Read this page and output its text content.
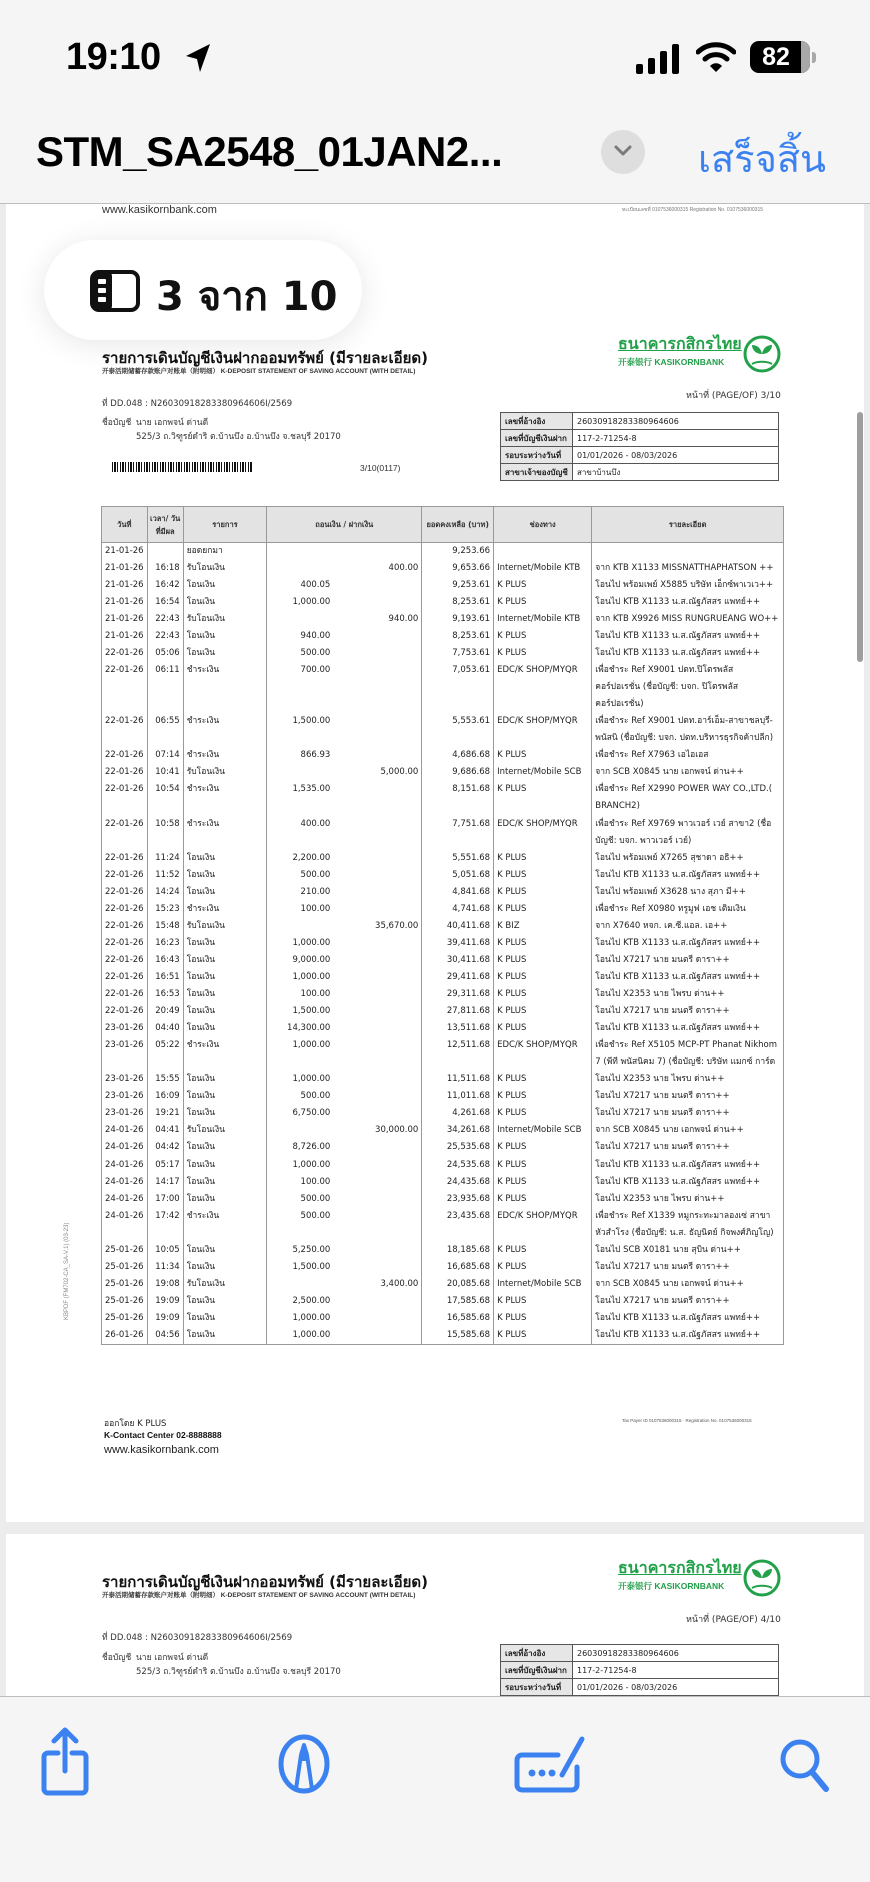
19:10	82
STM_SA2548_01JAN2...	เสร็จสิ้น
www.kasikornbank.com	ทะเบียนเลขที่ 0107536000315 Registration No. 0107536000315
รายการเดินบัญชีเงินฝากออมทรัพย์ (มีรายละเอียด)
开泰活期储蓄存款账户对账单（附明细） K-DEPOSIT STATEMENT OF SAVING ACCOUNT (WITH DETAIL)
ธนาคารกสิกรไทย
开泰银行 KASIKORNBANK
หน้าที่ (PAGE/OF) 3/10
ที่ DD.048 : N2603091828338096460​6I/2569
ชื่อบัญชี นาย เอกพจน์ ด่านดี
525/3 ถ.วิฑูรย์ดำริ ต.บ้านบึง อ.บ้านบึง จ.ชลบุรี 20170
เลขที่อ้างอิง	26030918283380964606
เลขที่บัญชีเงินฝาก	117-2-71254-8
รอบระหว่างวันที่	01/01/2026 - 08/03/2026
สาขาเจ้าของบัญชี	สาขาบ้านบึง
3/10(0117)
วันที่	เวลา/ วันที่มีผล	รายการ	ถอนเงิน / ฝากเงิน	ยอดคงเหลือ (บาท)	ช่องทาง	รายละเอียด
21-01-26		ยอดยกมา		9,253.66		
21-01-26	16:18	รับโอนเงิน	400.00	9,653.66	Internet/Mobile KTB	จาก KTB X1133 MISSNATTHAPHATSON ++
21-01-26	16:42	โอนเงิน	400.05	9,253.61	K PLUS	โอนไป พร้อมเพย์ X5885 บริษัท เอ็กซ์พาเวเว++
21-01-26	16:54	โอนเงิน	1,000.00	8,253.61	K PLUS	โอนไป KTB X1133 น.ส.ณัฐภัสสร แพทย์++
21-01-26	22:43	รับโอนเงิน	940.00	9,193.61	Internet/Mobile KTB	จาก KTB X9926 MISS RUNGRUEANG WO++
21-01-26	22:43	โอนเงิน	940.00	8,253.61	K PLUS	โอนไป KTB X1133 น.ส.ณัฐภัสสร แพทย์++
22-01-26	05:06	โอนเงิน	500.00	7,753.61	K PLUS	โอนไป KTB X1133 น.ส.ณัฐภัสสร แพทย์++
22-01-26	06:11	ชำระเงิน	700.00	7,053.61	EDC/K SHOP/MYQR	เพื่อชำระ Ref X9001 ปตท.ปิโตรพลัส คอร์ปอเรชั่น (ชื่อบัญชี: บจก. ปิโตรพลัส คอร์ปอเรชั่น)
22-01-26	06:55	ชำระเงิน	1,500.00	5,553.61	EDC/K SHOP/MYQR	เพื่อชำระ Ref X9001 ปตท.อาร์เอ็ม-สาขาชลบุรี-พนัสนิ (ชื่อบัญชี: บจก. ปตท.บริหารธุรกิจค้าปลีก)
22-01-26	07:14	ชำระเงิน	866.93	4,686.68	K PLUS	เพื่อชำระ Ref X7963 เอไอเอส
22-01-26	10:41	รับโอนเงิน	5,000.00	9,686.68	Internet/Mobile SCB	จาก SCB X0845 นาย เอกพจน์ ด่าน++
22-01-26	10:54	ชำระเงิน	1,535.00	8,151.68	K PLUS	เพื่อชำระ Ref X2990 POWER WAY CO.,LTD.( BRANCH2)
22-01-26	10:58	ชำระเงิน	400.00	7,751.68	EDC/K SHOP/MYQR	เพื่อชำระ Ref X9769 พาวเวอร์ เวย์ สาขา2 (ชื่อบัญชี: บจก. พาวเวอร์ เวย์)
22-01-26	11:24	โอนเงิน	2,200.00	5,551.68	K PLUS	โอนไป พร้อมเพย์ X7265 สุชาดา อธิ++
22-01-26	11:52	โอนเงิน	500.00	5,051.68	K PLUS	โอนไป KTB X1133 น.ส.ณัฐภัสสร แพทย์++
22-01-26	14:24	โอนเงิน	210.00	4,841.68	K PLUS	โอนไป พร้อมเพย์ X3628 นาง สุภา มี++
22-01-26	15:23	ชำระเงิน	100.00	4,741.68	K PLUS	เพื่อชำระ Ref X0980 ทรูมูฟ เอช เติมเงิน
22-01-26	15:48	รับโอนเงิน	35,670.00	40,411.68	K BIZ	จาก X7640 หจก. เค.ซี.แอล. เอ++
22-01-26	16:23	โอนเงิน	1,000.00	39,411.68	K PLUS	โอนไป KTB X1133 น.ส.ณัฐภัสสร แพทย์++
22-01-26	16:43	โอนเงิน	9,000.00	30,411.68	K PLUS	โอนไป X7217 นาย มนตรี ดารา++
22-01-26	16:51	โอนเงิน	1,000.00	29,411.68	K PLUS	โอนไป KTB X1133 น.ส.ณัฐภัสสร แพทย์++
22-01-26	16:53	โอนเงิน	100.00	29,311.68	K PLUS	โอนไป X2353 นาย ไพรบ ด่าน++
22-01-26	20:49	โอนเงิน	1,500.00	27,811.68	K PLUS	โอนไป X7217 นาย มนตรี ดารา++
23-01-26	04:40	โอนเงิน	14,300.00	13,511.68	K PLUS	โอนไป KTB X1133 น.ส.ณัฐภัสสร แพทย์++
23-01-26	05:22	ชำระเงิน	1,000.00	12,511.68	EDC/K SHOP/MYQR	เพื่อชำระ Ref X5105 MCP-PT Phanat Nikhom 7 (พีที พนัสนิคม 7) (ชื่อบัญชี: บริษัท แมกซ์ การ์ด
23-01-26	15:55	โอนเงิน	1,000.00	11,511.68	K PLUS	โอนไป X2353 นาย ไพรบ ด่าน++
23-01-26	16:09	โอนเงิน	500.00	11,011.68	K PLUS	โอนไป X7217 นาย มนตรี ดารา++
23-01-26	19:21	โอนเงิน	6,750.00	4,261.68	K PLUS	โอนไป X7217 นาย มนตรี ดารา++
24-01-26	04:41	รับโอนเงิน	30,000.00	34,261.68	Internet/Mobile SCB	จาก SCB X0845 นาย เอกพจน์ ด่าน++
24-01-26	04:42	โอนเงิน	8,726.00	25,535.68	K PLUS	โอนไป X7217 นาย มนตรี ดารา++
24-01-26	05:17	โอนเงิน	1,000.00	24,535.68	K PLUS	โอนไป KTB X1133 น.ส.ณัฐภัสสร แพทย์++
24-01-26	14:17	โอนเงิน	100.00	24,435.68	K PLUS	โอนไป KTB X1133 น.ส.ณัฐภัสสร แพทย์++
24-01-26	17:00	โอนเงิน	500.00	23,935.68	K PLUS	โอนไป X2353 นาย ไพรบ ด่าน++
24-01-26	17:42	ชำระเงิน	500.00	23,435.68	EDC/K SHOP/MYQR	เพื่อชำระ Ref X1339 หมูกระทะมาลองเซ่ สาขาหัวสำโรง (ชื่อบัญชี: น.ส. ธัญนิตย์ กิจพงศ์ภิญโญ)
25-01-26	10:05	โอนเงิน	5,250.00	18,185.68	K PLUS	โอนไป SCB X0181 นาย สุบิน ด่าน++
25-01-26	11:34	โอนเงิน	1,500.00	16,685.68	K PLUS	โอนไป X7217 นาย มนตรี ดารา++
25-01-26	19:08	รับโอนเงิน	3,400.00	20,085.68	Internet/Mobile SCB	จาก SCB X0845 นาย เอกพจน์ ด่าน++
25-01-26	19:09	โอนเงิน	2,500.00	17,585.68	K PLUS	โอนไป X7217 นาย มนตรี ดารา++
25-01-26	19:09	โอนเงิน	1,000.00	16,585.68	K PLUS	โอนไป KTB X1133 น.ส.ณัฐภัสสร แพทย์++
26-01-26	04:56	โอนเงิน	1,000.00	15,585.68	K PLUS	โอนไป KTB X1133 น.ส.ณัฐภัสสร แพทย์++
KBPDF (FM702-CA_SA-V.1) (03-23)
ออกโดย K PLUS
K-Contact Center 02-8888888
www.kasikornbank.com
Tax Payer ID 0107536000315 · Registration No. 0107536000315
รายการเดินบัญชีเงินฝากออมทรัพย์ (มีรายละเอียด)
开泰活期储蓄存款账户对账单（附明细） K-DEPOSIT STATEMENT OF SAVING ACCOUNT (WITH DETAIL)
ธนาคารกสิกรไทย
开泰银行 KASIKORNBANK
หน้าที่ (PAGE/OF) 4/10
ที่ DD.048 : N2603091828338096460​6I/2569
ชื่อบัญชี นาย เอกพจน์ ด่านดี
525/3 ถ.วิฑูรย์ดำริ ต.บ้านบึง อ.บ้านบึง จ.ชลบุรี 20170
เลขที่อ้างอิง	26030918283380964606
เลขที่บัญชีเงินฝาก	117-2-71254-8
รอบระหว่างวันที่	01/01/2026 - 08/03/2026
3 จาก 10
